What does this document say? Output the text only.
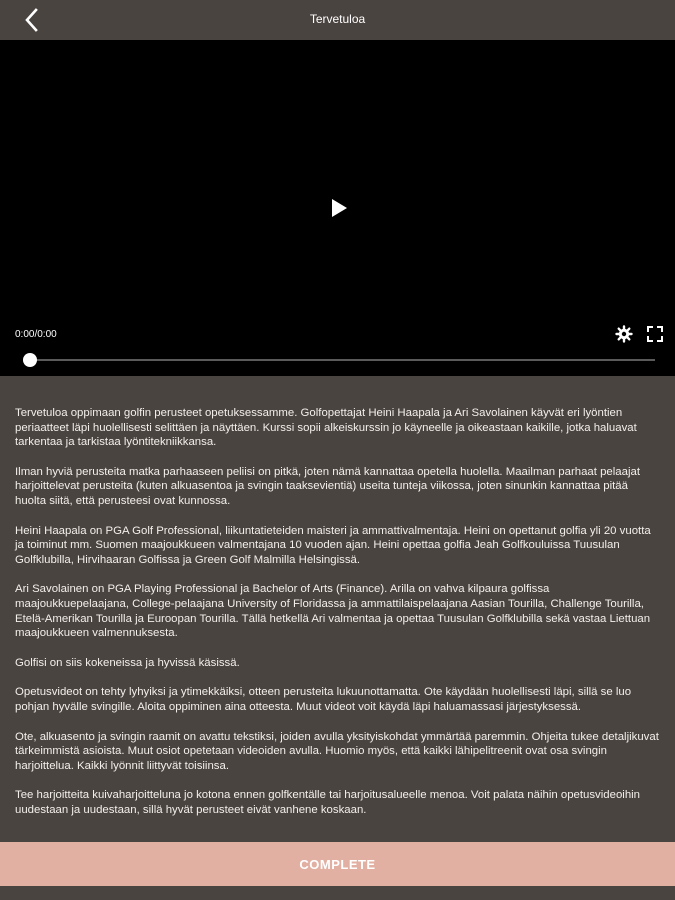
Tervetuloa
0:00/0:00

Tervetuloa oppimaan golfin perusteet opetuksessamme. Golfopettajat Heini Haapala ja Ari Savolainen käyvät eri lyöntien periaatteet läpi huolellisesti selittäen ja näyttäen. Kurssi sopii alkeiskurssin jo käyneelle ja oikeastaan kaikille, jotka haluavat tarkentaa ja tarkistaa lyöntitekniikkansa.

Ilman hyviä perusteita matka parhaaseen peliisi on pitkä, joten nämä kannattaa opetella huolella. Maailman parhaat pelaajat harjoittelevat perusteita (kuten alkuasentoa ja svingin taaksevientiä) useita tunteja viikossa, joten sinunkin kannattaa pitää huolta siitä, että perusteesi ovat kunnossa.

Heini Haapala on PGA Golf Professional, liikuntatieteiden maisteri ja ammattivalmentaja. Heini on opettanut golfia yli 20 vuotta ja toiminut mm. Suomen maajoukkueen valmentajana 10 vuoden ajan. Heini opettaa golfia Jeah Golfkouluissa Tuusulan Golfklubilla, Hirvihaaran Golfissa ja Green Golf Malmilla Helsingissä.

Ari Savolainen on PGA Playing Professional ja Bachelor of Arts (Finance). Arilla on vahva kilpaura golfissa maajoukkuepelaajana, College-pelaajana University of Floridassa ja ammattilaispelaajana Aasian Tourilla, Challenge Tourilla, Etelä-Amerikan Tourilla ja Euroopan Tourilla. Tällä hetkellä Ari valmentaa ja opettaa Tuusulan Golfklubilla sekä vastaa Liettuan maajoukkueen valmennuksesta.

Golfisi on siis kokeneissa ja hyvissä käsissä.

Opetusvideot on tehty lyhyiksi ja ytimekkäiksi, otteen perusteita lukuunottamatta. Ote käydään huolellisesti läpi, sillä se luo pohjan hyvälle svingille. Aloita oppiminen aina otteesta. Muut videot voit käydä läpi haluamassasi järjestyksessä.

Ote, alkuasento ja svingin raamit on avattu tekstiksi, joiden avulla yksityiskohdat ymmärtää paremmin. Ohjeita tukee detaljikuvat tärkeimmistä asioista. Muut osiot opetetaan videoiden avulla. Huomio myös, että kaikki lähipelitreenit ovat osa svingin harjoittelua. Kaikki lyönnit liittyvät toisiinsa.

Tee harjoitteita kuivaharjoitteluna jo kotona ennen golfkentälle tai harjoitusalueelle menoa. Voit palata näihin opetusvideoihin uudestaan ja uudestaan, sillä hyvät perusteet eivät vanhene koskaan.

COMPLETE
